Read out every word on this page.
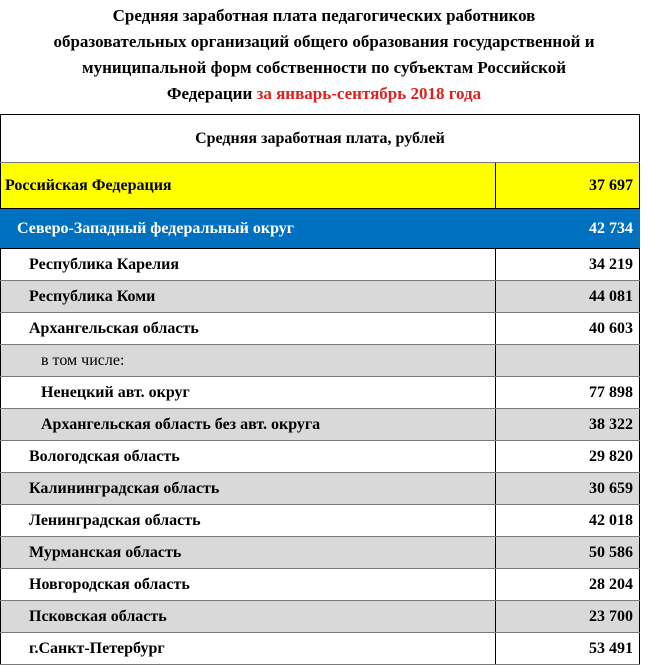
Средняя заработная плата педагогических работников
образовательных организаций общего образования государственной и
муниципальной форм собственности по субъектам Российской
Федерации за январь-сентябрь 2018 года
Средняя заработная плата, рублей
Российская Федерация	37 697
Северо-Западный федеральный округ	42 734
Республика Карелия	34 219
Республика Коми	44 081
Архангельская область	40 603
в том числе:
Ненецкий авт. округ	77 898
Архангельская область без авт. округа	38 322
Вологодская область	29 820
Калининградская область	30 659
Ленинградская область	42 018
Мурманская область	50 586
Новгородская область	28 204
Псковская область	23 700
г.Санкт-Петербург	53 491
